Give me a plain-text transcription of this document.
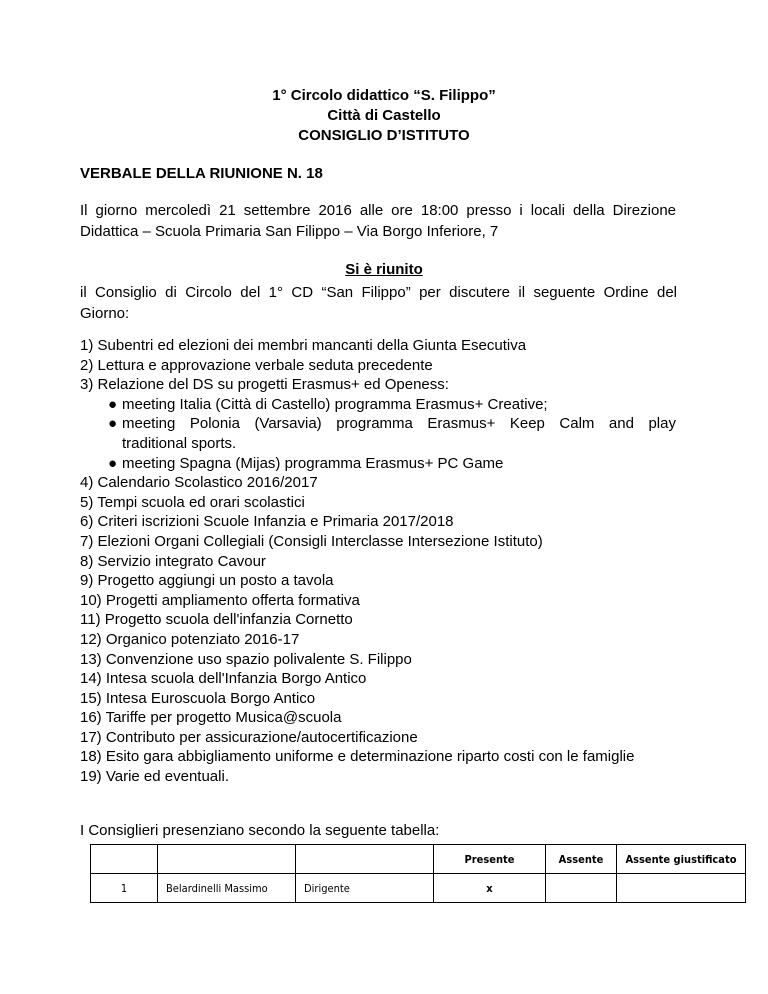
1° Circolo didattico “S. Filippo”
Città di Castello
CONSIGLIO D’ISTITUTO
VERBALE DELLA RIUNIONE N. 18
Il giorno mercoledì 21 settembre 2016 alle ore 18:00 presso i locali della Direzione
Didattica – Scuola Primaria San Filippo – Via Borgo Inferiore, 7
Si è riunito
il Consiglio di Circolo del 1° CD “San Filippo” per discutere il seguente Ordine del
Giorno:
1) Subentri ed elezioni dei membri mancanti della Giunta Esecutiva
2) Lettura e approvazione verbale seduta precedente
3) Relazione del DS su progetti Erasmus+ ed Openess:
● meeting Italia (Città di Castello) programma Erasmus+ Creative;
● meeting Polonia (Varsavia) programma Erasmus+ Keep Calm and play
traditional sports.
● meeting Spagna (Mijas) programma Erasmus+ PC Game
4) Calendario Scolastico 2016/2017
5) Tempi scuola ed orari scolastici
6) Criteri iscrizioni Scuole Infanzia e Primaria 2017/2018
7) Elezioni Organi Collegiali (Consigli Interclasse Intersezione Istituto)
8) Servizio integrato Cavour
9) Progetto aggiungi un posto a tavola
10) Progetti ampliamento offerta formativa
11) Progetto scuola dell'infanzia Cornetto
12) Organico potenziato 2016-17
13) Convenzione uso spazio polivalente S. Filippo
14) Intesa scuola dell'Infanzia Borgo Antico
15) Intesa Euroscuola Borgo Antico
16) Tariffe per progetto Musica@scuola
17) Contributo per assicurazione/autocertificazione
18) Esito gara abbigliamento uniforme e determinazione riparto costi con le famiglie
19) Varie ed eventuali.
I Consiglieri presenziano secondo la seguente tabella:
			Presente	Assente	Assente giustificato
1	Belardinelli Massimo	Dirigente	x		
